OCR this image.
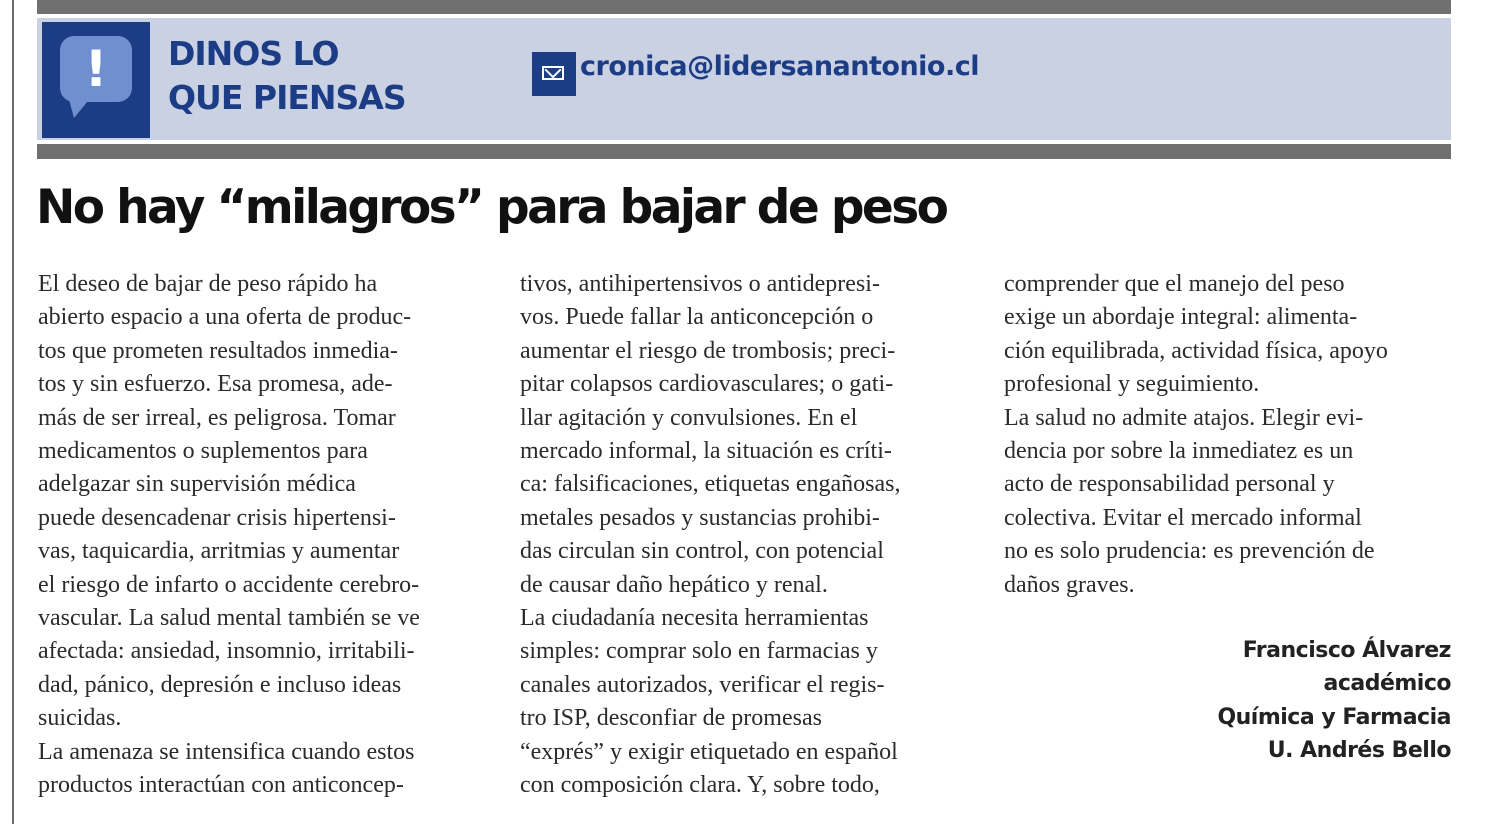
!	DINOS LO
QUE PIENSAS
cronica@lidersanantonio.cl
No hay “milagros” para bajar de peso
El deseo de bajar de peso rápido ha
abierto espacio a una oferta de produc-
tos que prometen resultados inmedia-
tos y sin esfuerzo. Esa promesa, ade-
más de ser irreal, es peligrosa. Tomar
medicamentos o suplementos para
adelgazar sin supervisión médica
puede desencadenar crisis hipertensi-
vas, taquicardia, arritmias y aumentar
el riesgo de infarto o accidente cerebro-
vascular. La salud mental también se ve
afectada: ansiedad, insomnio, irritabili-
dad, pánico, depresión e incluso ideas
suicidas.
La amenaza se intensifica cuando estos
productos interactúan con anticoncep-
tivos, antihipertensivos o antidepresi-
vos. Puede fallar la anticoncepción o
aumentar el riesgo de trombosis; preci-
pitar colapsos cardiovasculares; o gati-
llar agitación y convulsiones. En el
mercado informal, la situación es críti-
ca: falsificaciones, etiquetas engañosas,
metales pesados y sustancias prohibi-
das circulan sin control, con potencial
de causar daño hepático y renal.
La ciudadanía necesita herramientas
simples: comprar solo en farmacias y
canales autorizados, verificar el regis-
tro ISP, desconfiar de promesas
“exprés” y exigir etiquetado en español
con composición clara. Y, sobre todo,
comprender que el manejo del peso
exige un abordaje integral: alimenta-
ción equilibrada, actividad física, apoyo
profesional y seguimiento.
La salud no admite atajos. Elegir evi-
dencia por sobre la inmediatez es un
acto de responsabilidad personal y
colectiva. Evitar el mercado informal
no es solo prudencia: es prevención de
daños graves.
Francisco Álvarez
académico
Química y Farmacia
U. Andrés Bello
